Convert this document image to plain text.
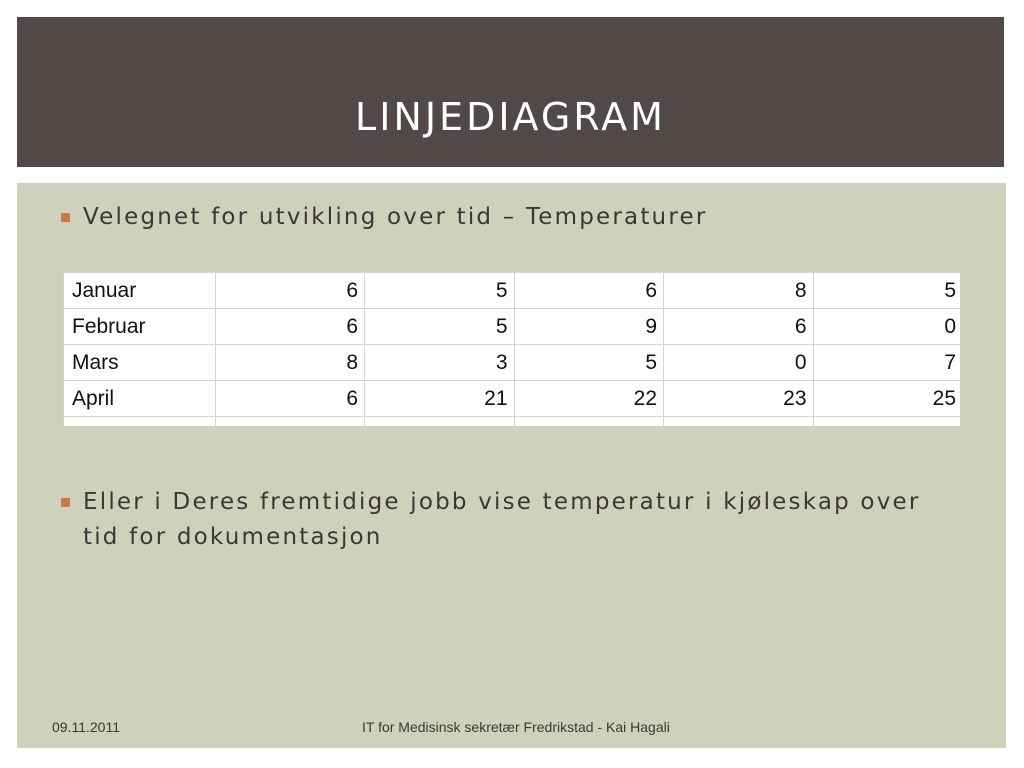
LINJEDIAGRAM
Velegnet for utvikling over tid – Temperaturer
Januar	6	5	6	8	5
Februar	6	5	9	6	0
Mars	8	3	5	0	7
April	6	21	22	23	25

Eller i Deres fremtidige jobb vise temperatur i kjøleskap over tid for dokumentasjon
09.11.2011	IT for Medisinsk sekretær Fredrikstad - Kai Hagali
